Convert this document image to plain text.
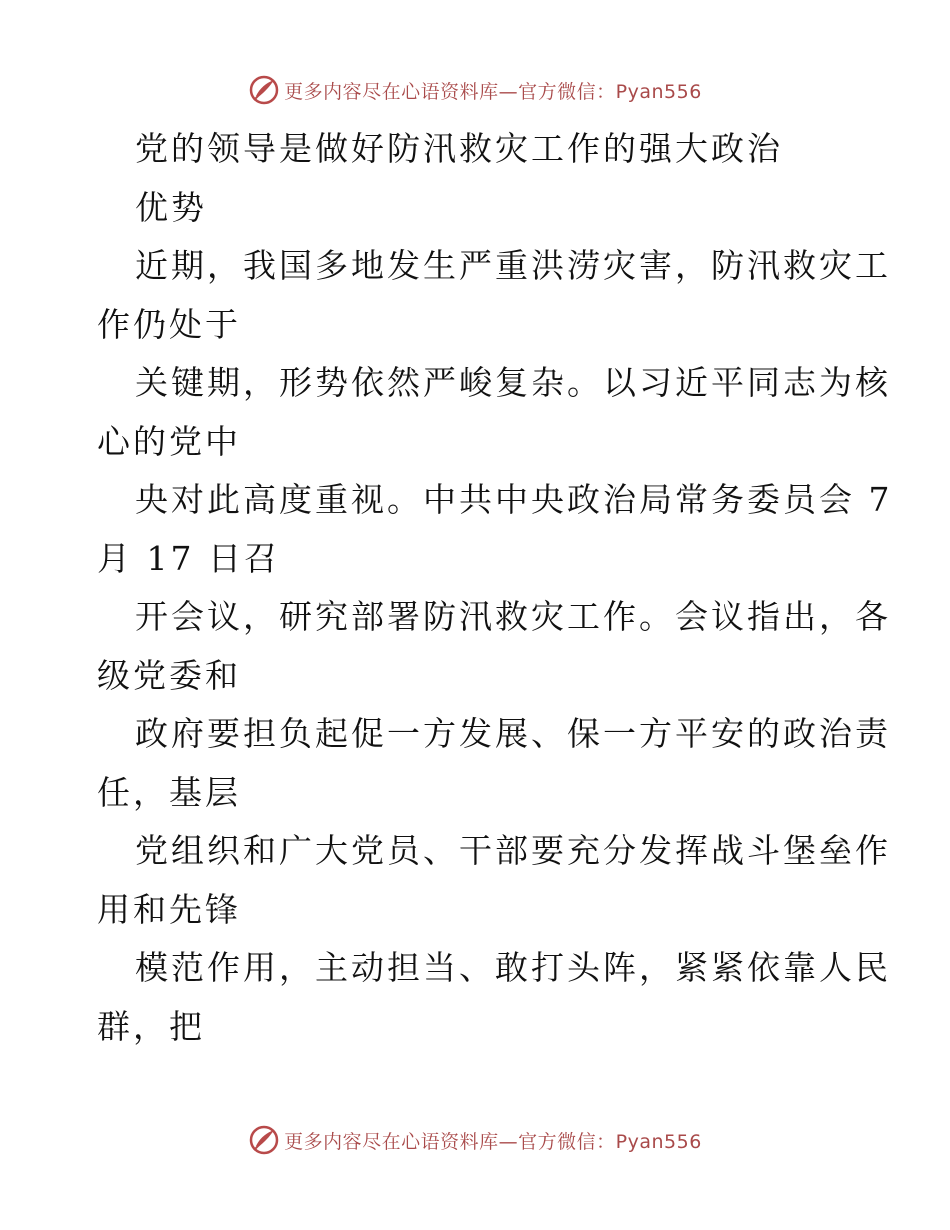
更多内容尽在心语资料库—官方微信：Pyan556
党的领导是做好防汛救灾工作的强大政治
优势
近期，我国多地发生严重洪涝灾害，防汛救灾工
作仍处于
关键期，形势依然严峻复杂。以习近平同志为核
心的党中
央对此高度重视。中共中央政治局常务委员会 7
月 17 日召
开会议，研究部署防汛救灾工作。会议指出，各
级党委和
政府要担负起促一方发展、保一方平安的政治责
任，基层
党组织和广大党员、干部要充分发挥战斗堡垒作
用和先锋
模范作用，主动担当、敢打头阵，紧紧依靠人民
群，把
更多内容尽在心语资料库—官方微信：Pyan556
